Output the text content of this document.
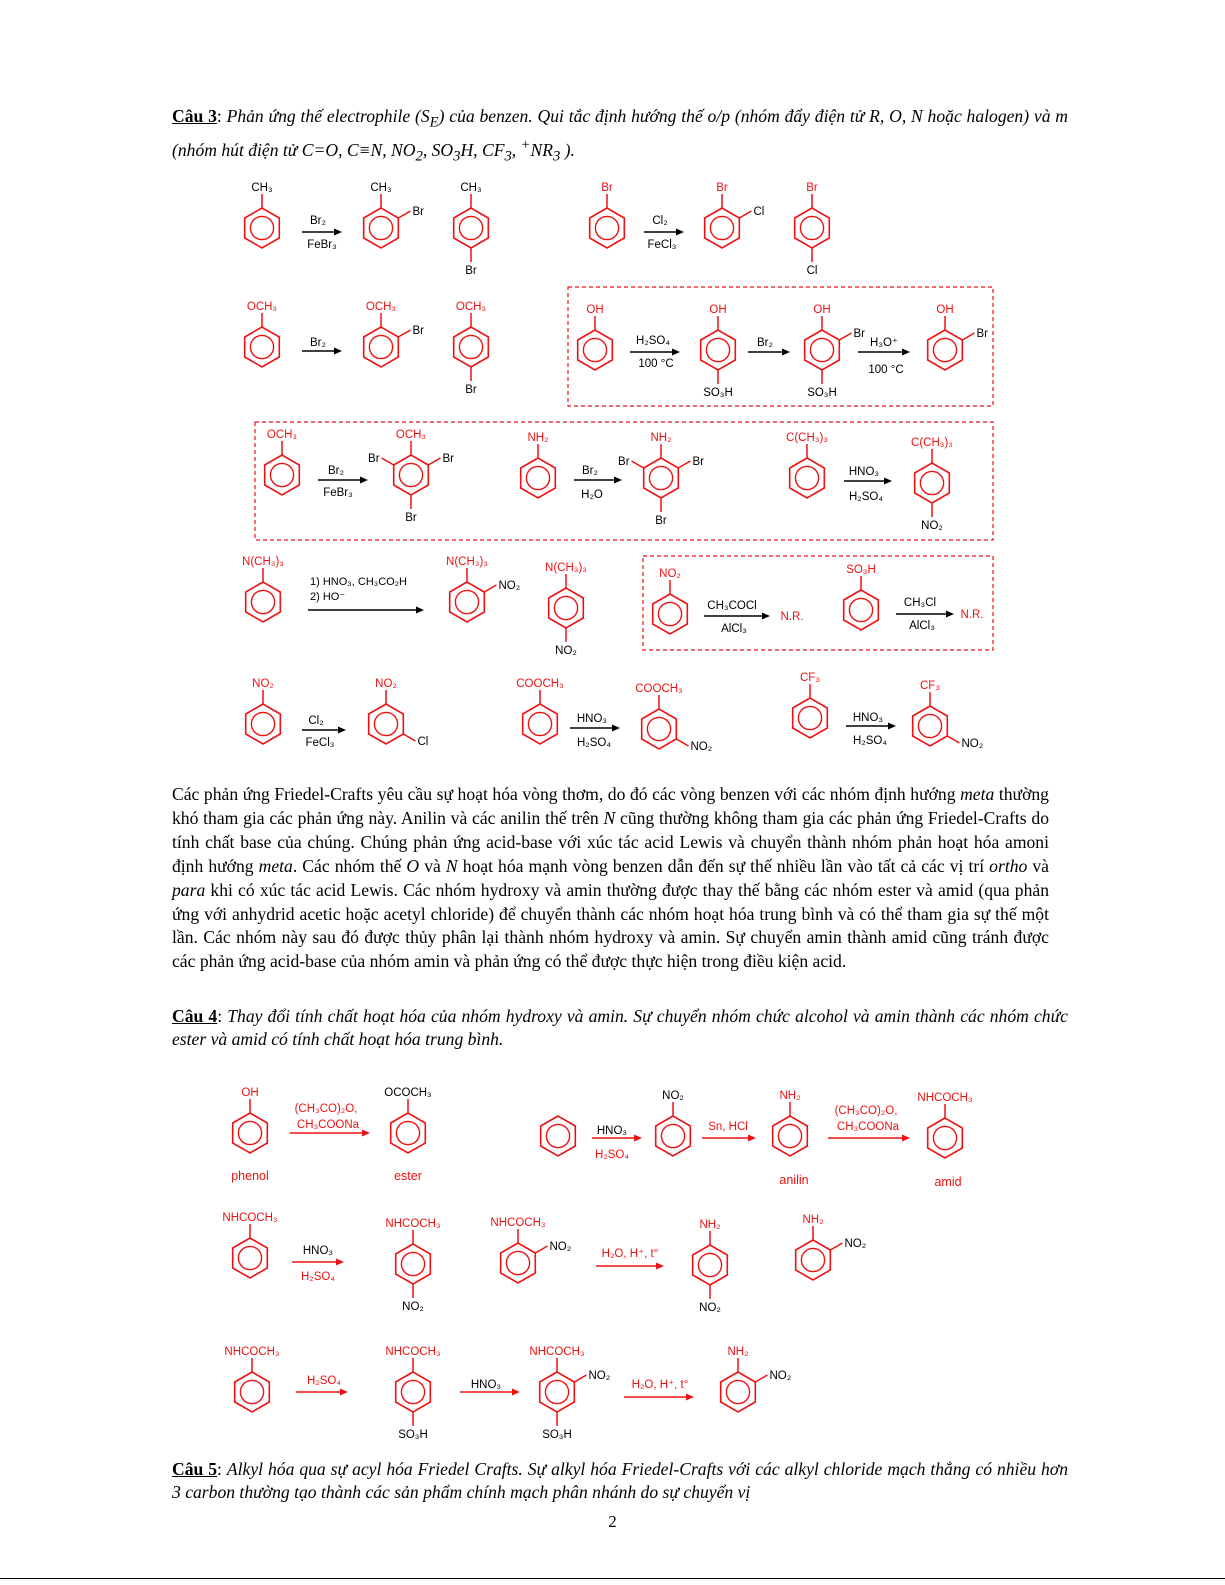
Câu 3: Phản ứng thế electrophile $(S_E)$ của benzen. Qui tắc định hướng thế o/p (nhóm đẩy điện tử R, O, N hoặc halogen) và m (nhóm hút điện tử C=O, C≡N, $NO_2$, $SO_3H$, $CF_3$, $^+NR_3$ ).

CH₃
Br₂
FeBr₃
CH₃
Br
CH₃
Br
Br
Cl₂
FeCl₃
Br
Cl
Br
Cl
OCH₃
Br₂
OCH₃
Br
OCH₃
Br
OH
H₂SO₄
100 °C
OH
SO₃H
Br₂
OH
Br
SO₃H
H₃O⁺
100 °C
OH
Br
OCH₃
Br₂
FeBr₃
OCH₃
Br	Br
Br
NH₂
Br₂
H₂O
NH₂
Br	Br
Br
C(CH₃)₃
HNO₃
H₂SO₄
C(CH₃)₃
NO₂
N(CH₃)₃
1) HNO₃, CH₃CO₂H
2) HO⁻
N(CH₃)₃
NO₂
N(CH₃)₃
NO₂
NO₂
CH₃COCl
AlCl₃
N.R.
SO₃H
CH₃Cl
AlCl₃
N.R.
NO₂
Cl₂
FeCl₃
NO₂
Cl
COOCH₃
HNO₃
H₂SO₄
COOCH₃
NO₂
CF₃
HNO₃
H₂SO₄
CF₃
NO₂

Các phản ứng Friedel-Crafts yêu cầu sự hoạt hóa vòng thơm, do đó các vòng benzen với các nhóm định hướng meta thường khó tham gia các phản ứng này. Anilin và các anilin thế trên N cũng thường không tham gia các phản ứng Friedel-Crafts do tính chất base của chúng. Chúng phản ứng acid-base với xúc tác acid Lewis và chuyển thành nhóm phản hoạt hóa amoni định hướng meta. Các nhóm thế O và N hoạt hóa mạnh vòng benzen dẫn đến sự thế nhiều lần vào tất cả các vị trí ortho và para khi có xúc tác acid Lewis. Các nhóm hydroxy và amin thường được thay thế bằng các nhóm ester và amid (qua phản ứng với anhydrid acetic hoặc acetyl chloride) để chuyển thành các nhóm hoạt hóa trung bình và có thể tham gia sự thế một lần. Các nhóm này sau đó được thủy phân lại thành nhóm hydroxy và amin. Sự chuyển amin thành amid cũng tránh được các phản ứng acid-base của nhóm amin và phản ứng có thể được thực hiện trong điều kiện acid.

Câu 4: Thay đổi tính chất hoạt hóa của nhóm hydroxy và amin. Sự chuyển nhóm chức alcohol và amin thành các nhóm chức ester và amid có tính chất hoạt hóa trung bình.

OH
(CH₃CO)₂O,
CH₃COONa
phenol
OCOCH₃
ester
HNO₃
H₂SO₄
NO₂
Sn, HCl
NH₂
anilin
(CH₃CO)₂O,
CH₃COONa
NHCOCH₃
amid
NHCOCH₃
HNO₃
H₂SO₄
NHCOCH₃
NO₂
NHCOCH₃
NO₂
H₂O, H⁺, t°
NH₂
NO₂
NH₂
NO₂
NHCOCH₃
H₂SO₄
NHCOCH₃
SO₃H
HNO₃
NHCOCH₃
NO₂
SO₃H
H₂O, H⁺, t°
NH₂
NO₂

Câu 5: Alkyl hóa qua sự acyl hóa Friedel Crafts. Sự alkyl hóa Friedel-Crafts với các alkyl chloride mạch thẳng có nhiều hơn 3 carbon thường tạo thành các sản phẩm chính mạch phân nhánh do sự chuyển vị

2
